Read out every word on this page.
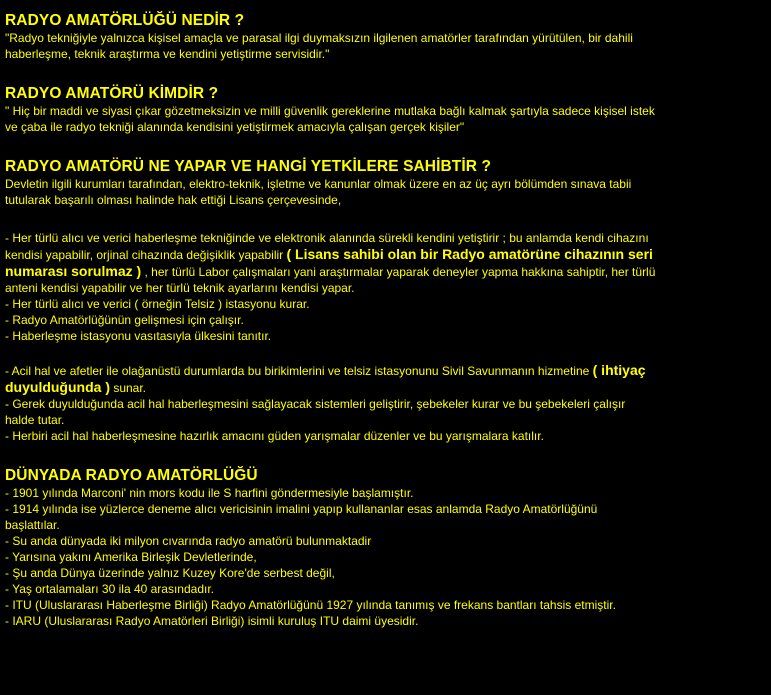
RADYO AMATÖRLÜĞÜ NEDİR ?
"Radyo tekniğiyle yalnızca kişisel amaçla ve parasal ilgi duymaksızın ilgilenen amatörler tarafından yürütülen, bir dahili
haberleşme, teknik araştırma ve kendini yetiştirme servisidir."
RADYO AMATÖRÜ KİMDİR ?
" Hiç bir maddi ve siyasi çıkar gözetmeksizin ve milli güvenlik gereklerine mutlaka bağlı kalmak şartıyla sadece kişisel istek
ve çaba ile radyo tekniği alanında kendisini yetiştirmek amacıyla çalışan gerçek kişiler"
RADYO AMATÖRÜ NE YAPAR VE HANGİ YETKİLERE SAHİBTİR ?
Devletin ilgili kurumları tarafından, elektro-teknik, işletme ve kanunlar olmak üzere en az üç ayrı bölümden sınava tabii
tutularak başarılı olması halinde hak ettiği Lisans çerçevesinde,
- Her türlü alıcı ve verici haberleşme tekniğinde ve elektronik alanında sürekli kendini yetiştirir ; bu anlamda kendi cihazını
kendisi yapabilir, orjinal cihazında değişiklik yapabilir ( Lisans sahibi olan bir Radyo amatörüne cihazının seri
numarası sorulmaz ) , her türlü Labor çalışmaları yani araştırmalar yaparak deneyler yapma hakkına sahiptir, her türlü
anteni kendisi yapabilir ve her türlü teknik ayarlarını kendisi yapar.
- Her türlü alıcı ve verici ( örneğin Telsiz ) istasyonu kurar.
- Radyo Amatörlüğünün gelişmesi için çalışır.
- Haberleşme istasyonu vasıtasıyla ülkesini tanıtır.
- Acil hal ve afetler ile olağanüstü durumlarda bu birikimlerini ve telsiz istasyonunu Sivil Savunmanın hizmetine ( ihtiyaç
duyulduğunda ) sunar.
- Gerek duyulduğunda acil hal haberleşmesini sağlayacak sistemleri geliştirir, şebekeler kurar ve bu şebekeleri çalışır
halde tutar.
- Herbiri acil hal haberleşmesine hazırlık amacını güden yarışmalar düzenler ve bu yarışmalara katılır.
DÜNYADA RADYO AMATÖRLÜĞÜ
- 1901 yılında Marconi' nin mors kodu ile S harfini göndermesiyle başlamıştır.
- 1914 yılında ise yüzlerce deneme alıcı vericisinin imalini yapıp kullananlar esas anlamda Radyo Amatörlüğünü
başlattılar.
- Su anda dünyada iki milyon cıvarında radyo amatörü bulunmaktadir
- Yarısına yakını Amerika Birleşik Devletlerinde,
- Şu anda Dünya üzerinde yalnız Kuzey Kore'de serbest değil,
- Yaş ortalamaları 30 ila 40 arasındadır.
- ITU (Uluslararası Haberleşme Birliği) Radyo Amatörlüğünü 1927 yılında tanımış ve frekans bantları tahsis etmiştir.
- IARU (Uluslararası Radyo Amatörleri Birliği) isimli kuruluş ITU daimi üyesidir.
